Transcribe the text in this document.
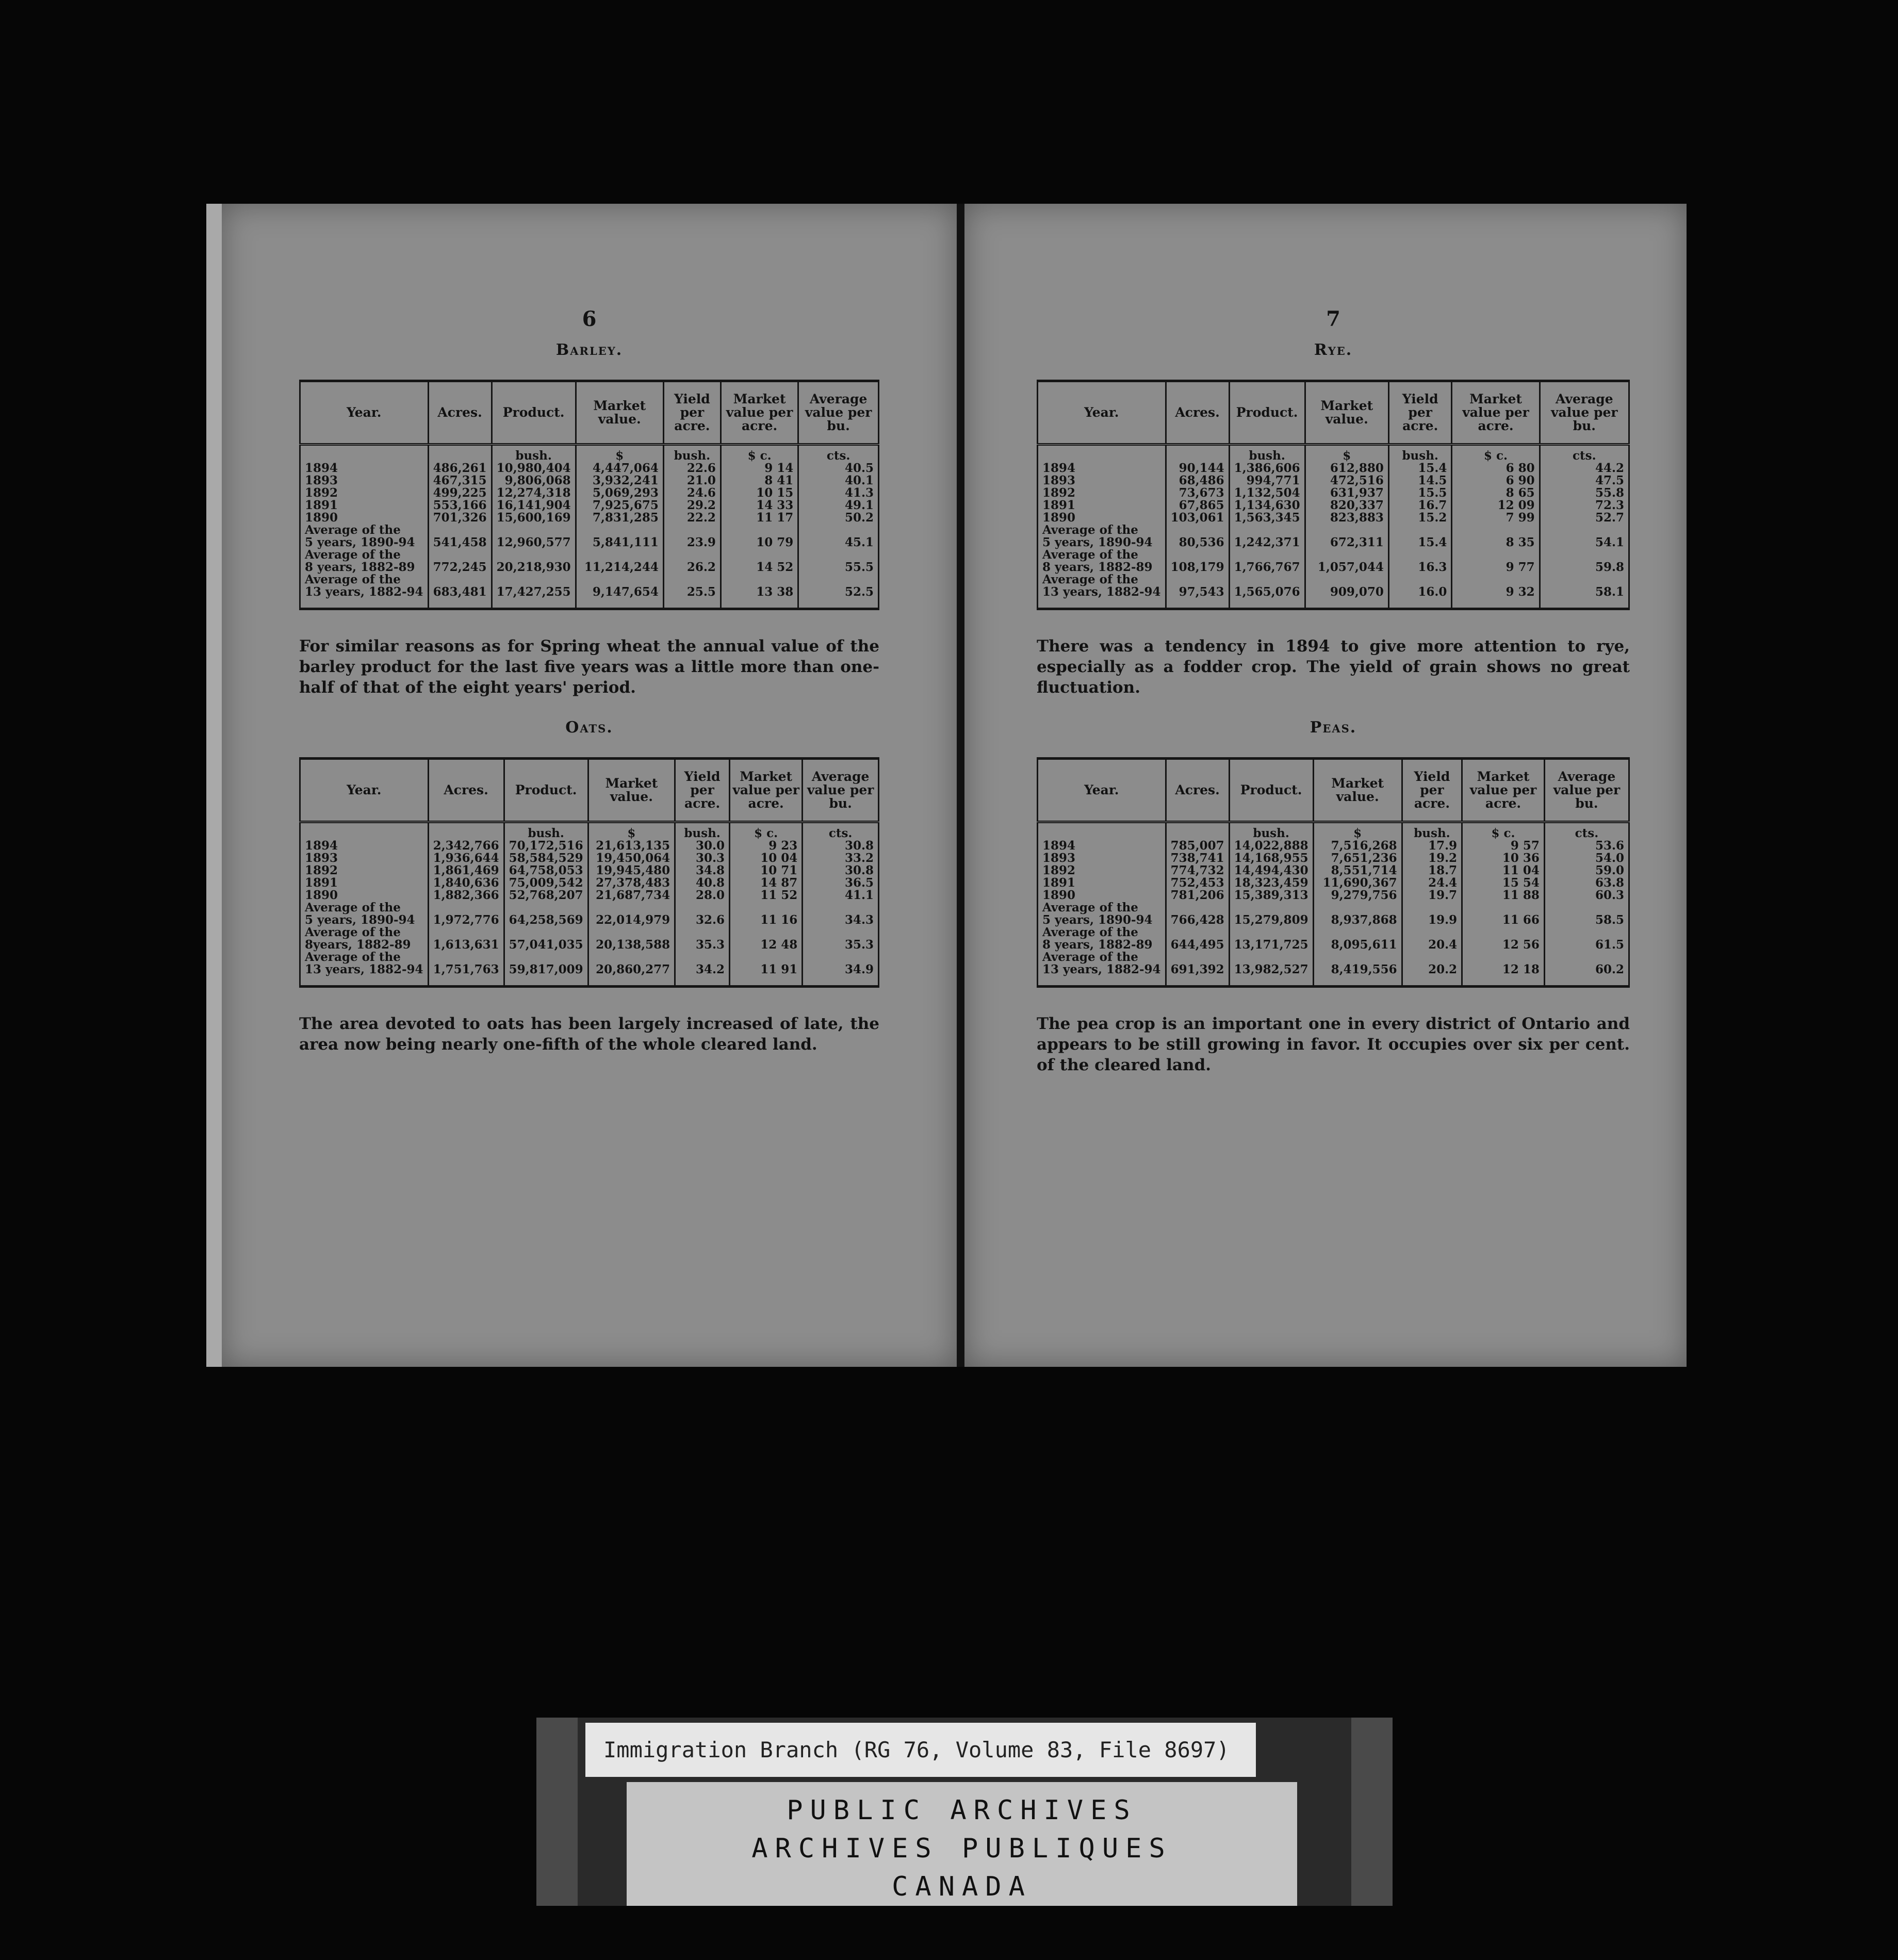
6
Barley.
Year.	Acres.	Product.	Market value.	Yield per acre.	Market value per acre.	Average value per bu.
		bush.	$	bush.	$ c.	cts.
1894	486,261	10,980,404	4,447,064	22.6	9 14	40.5
1893	467,315	9,806,068	3,932,241	21.0	8 41	40.1
1892	499,225	12,274,318	5,069,293	24.6	10 15	41.3
1891	553,166	16,141,904	7,925,675	29.2	14 33	49.1
1890	701,326	15,600,169	7,831,285	22.2	11 17	50.2
Average of the						
5 years, 1890-94	541,458	12,960,577	5,841,111	23.9	10 79	45.1
Average of the						
8 years, 1882-89	772,245	20,218,930	11,214,244	26.2	14 52	55.5
Average of the						
13 years, 1882-94	683,481	17,427,255	9,147,654	25.5	13 38	52.5

For similar reasons as for Spring wheat the annual value of the barley product for the last five years was a little more than one-half of that of the eight years' period.

Oats.
Year.	Acres.	Product.	Market value.	Yield per acre.	Market value per acre.	Average value per bu.
		bush.	$	bush.	$ c.	cts.
1894	2,342,766	70,172,516	21,613,135	30.0	9 23	30.8
1893	1,936,644	58,584,529	19,450,064	30.3	10 04	33.2
1892	1,861,469	64,758,053	19,945,480	34.8	10 71	30.8
1891	1,840,636	75,009,542	27,378,483	40.8	14 87	36.5
1890	1,882,366	52,768,207	21,687,734	28.0	11 52	41.1
Average of the						
5 years, 1890-94	1,972,776	64,258,569	22,014,979	32.6	11 16	34.3
Average of the						
8years, 1882-89	1,613,631	57,041,035	20,138,588	35.3	12 48	35.3
Average of the						
13 years, 1882-94	1,751,763	59,817,009	20,860,277	34.2	11 91	34.9

The area devoted to oats has been largely increased of late, the area now being nearly one-fifth of the whole cleared land.

7
Rye.
Year.	Acres.	Product.	Market value.	Yield per acre.	Market value per acre.	Average value per bu.
		bush.	$	bush.	$ c.	cts.
1894	90,144	1,386,606	612,880	15.4	6 80	44.2
1893	68,486	994,771	472,516	14.5	6 90	47.5
1892	73,673	1,132,504	631,937	15.5	8 65	55.8
1891	67,865	1,134,630	820,337	16.7	12 09	72.3
1890	103,061	1,563,345	823,883	15.2	7 99	52.7
Average of the						
5 years, 1890-94	80,536	1,242,371	672,311	15.4	8 35	54.1
Average of the						
8 years, 1882-89	108,179	1,766,767	1,057,044	16.3	9 77	59.8
Average of the						
13 years, 1882-94	97,543	1,565,076	909,070	16.0	9 32	58.1

There was a tendency in 1894 to give more attention to rye, especially as a fodder crop. The yield of grain shows no great fluctuation.

Peas.
Year.	Acres.	Product.	Market value.	Yield per acre.	Market value per acre.	Average value per bu.
		bush.	$	bush.	$ c.	cts.
1894	785,007	14,022,888	7,516,268	17.9	9 57	53.6
1893	738,741	14,168,955	7,651,236	19.2	10 36	54.0
1892	774,732	14,494,430	8,551,714	18.7	11 04	59.0
1891	752,453	18,323,459	11,690,367	24.4	15 54	63.8
1890	781,206	15,389,313	9,279,756	19.7	11 88	60.3
Average of the						
5 years, 1890-94	766,428	15,279,809	8,937,868	19.9	11 66	58.5
Average of the						
8 years, 1882-89	644,495	13,171,725	8,095,611	20.4	12 56	61.5
Average of the						
13 years, 1882-94	691,392	13,982,527	8,419,556	20.2	12 18	60.2

The pea crop is an important one in every district of Ontario and appears to be still growing in favor. It occupies over six per cent. of the cleared land.

Immigration Branch (RG 76, Volume 83, File 8697)
PUBLIC ARCHIVES
ARCHIVES PUBLIQUES
CANADA
